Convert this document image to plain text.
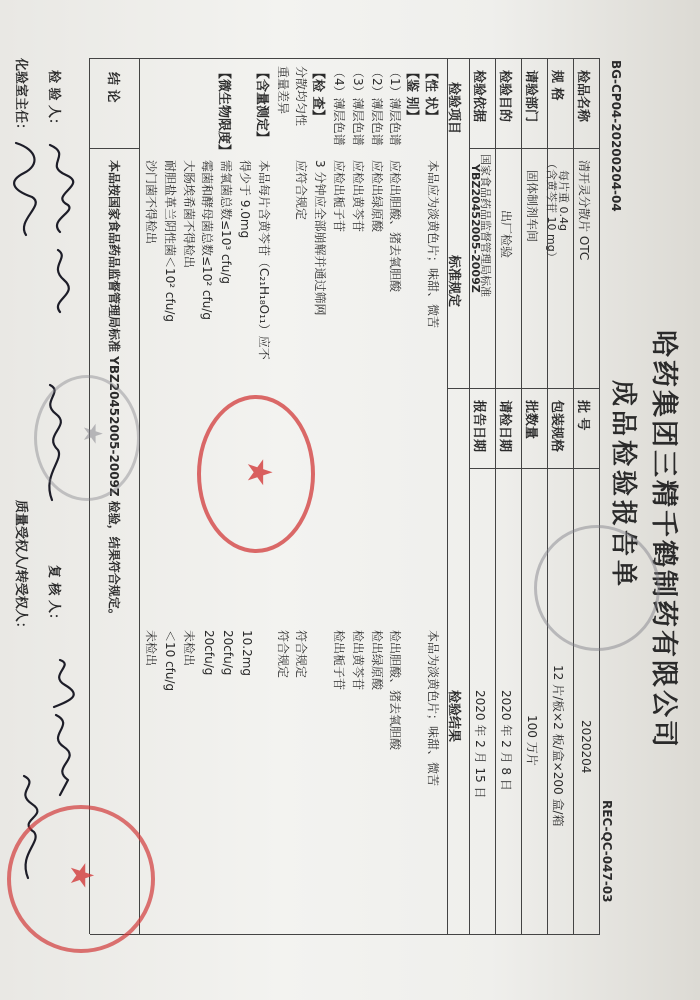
哈药集团三精千鹤制药有限公司
成品检验报告单
BG-CP04-20200204-04
REC-QC-047-03
检品名称
清开灵分散片 OTC
批 号
2020204
规 格
每片重 0.4g
（含黄芩苷 10 mg）
包装规格
12 片/板×2 板/盒×200 盒/箱
请验部门
固体制剂车间
批数量
100 万片
检验目的
出厂检验
请检日期
2020 年 2 月 8 日
检验依据
国家食品药品监督管理局标准
YBZ20452005-2009Z
报告日期
2020 年 2 月 15 日
检验项目
标准规定
检验结果
【性 状】
本品应为淡黄色片；味甜、微苦
本品为淡黄色片；味甜、微苦
【鉴 别】
（1）薄层色谱
应检出胆酸、猪去氧胆酸
检出胆酸、猪去氧胆酸
（2）薄层色谱
应检出绿原酸
检出绿原酸
（3）薄层色谱
应检出黄芩苷
检出黄芩苷
（4）薄层色谱
应检出栀子苷
检出栀子苷
【检 查】
3 分钟应全部崩解并通过筛网
分散均匀性
应符合规定
符合规定
重量差异
符合规定
【含量测定】
本品每片含黄芩苷（C₂₁H₁₈O₁₁）应不
得少于 9.0mg
10.2mg
【微生物限度】
需氧菌总数≤10³ cfu/g
20cfu/g
霉菌和酵母菌总数≤10² cfu/g
20cfu/g
大肠埃希菌不得检出
未检出
耐胆盐革兰阴性菌＜10² cfu/g
＜10 cfu/g
沙门菌不得检出
未检出
结 论
本品按国家食品药品监督管理局标准 YBZ20452005-2009Z 检验，结果符合规定。
检 验 人：
复 核 人：
化验室主任：
质量受权人/转受权人：
★
★
★
